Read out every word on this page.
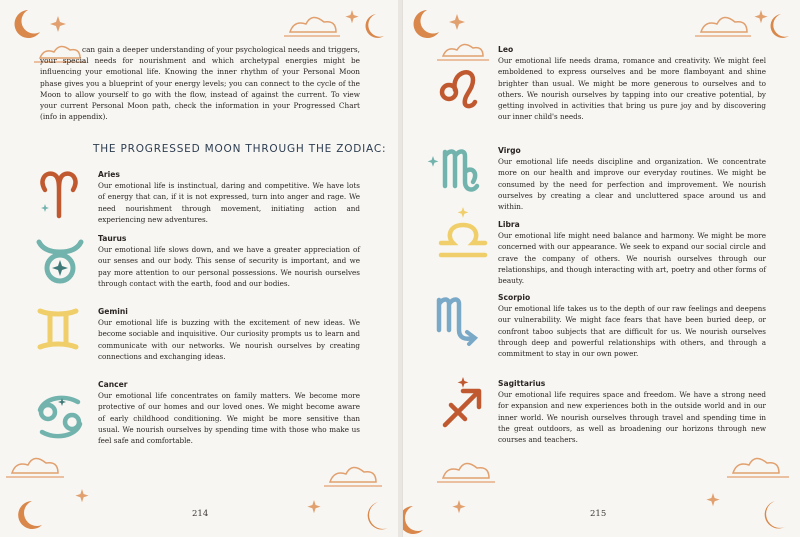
can gain a deeper understanding of your psychological needs and triggers, your special needs for nourishment and which archetypal energies might be influencing your emotional life. Knowing the inner rhythm of your Personal Moon phase gives you a blueprint of your energy levels; you can connect to the cycle of the Moon to allow yourself to go with the flow, instead of against the current. To view your current Personal Moon path, check the information in your Progressed Chart (info in appendix).
THE PROGRESSED MOON THROUGH THE ZODIAC:
Aries
Our emotional life is instinctual, daring and competitive. We have lots of energy that can, if it is not expressed, turn into anger and rage. We need nourishment through movement, initiating action and experiencing new adventures.
Taurus
Our emotional life slows down, and we have a greater appreciation of our senses and our body. This sense of security is important, and we pay more attention to our personal possessions. We nourish ourselves through contact with the earth, food and our bodies.
Gemini
Our emotional life is buzzing with the excitement of new ideas. We become sociable and inquisitive. Our curiosity prompts us to learn and communicate with our networks. We nourish ourselves by creating connections and exchanging ideas.
Cancer
Our emotional life concentrates on family matters. We become more protective of our homes and our loved ones. We might become aware of early childhood conditioning. We might be more sensitive than usual. We nourish ourselves by spending time with those who make us feel safe and comfortable.
214
Leo
Our emotional life needs drama, romance and creativity. We might feel emboldened to express ourselves and be more flamboyant and shine brighter than usual. We might be more generous to ourselves and to others. We nourish ourselves by tapping into our creative potential, by getting involved in activities that bring us pure joy and by discovering our inner child's needs.
Virgo
Our emotional life needs discipline and organization. We concentrate more on our health and improve our everyday routines. We might be consumed by the need for perfection and improvement. We nourish ourselves by creating a clear and uncluttered space around us and within.
Libra
Our emotional life might need balance and harmony. We might be more concerned with our appearance. We seek to expand our social circle and crave the company of others. We nourish ourselves through our relationships, and though interacting with art, poetry and other forms of beauty.
Scorpio
Our emotional life takes us to the depth of our raw feelings and deepens our vulnerability. We might face fears that have been buried deep, or confront taboo subjects that are difficult for us. We nourish ourselves through deep and powerful relationships with others, and through a commitment to stay in our own power.
Sagittarius
Our emotional life requires space and freedom. We have a strong need for expansion and new experiences both in the outside world and in our inner world. We nourish ourselves through travel and spending time in the great outdoors, as well as broadening our horizons through new courses and teachers.
215
